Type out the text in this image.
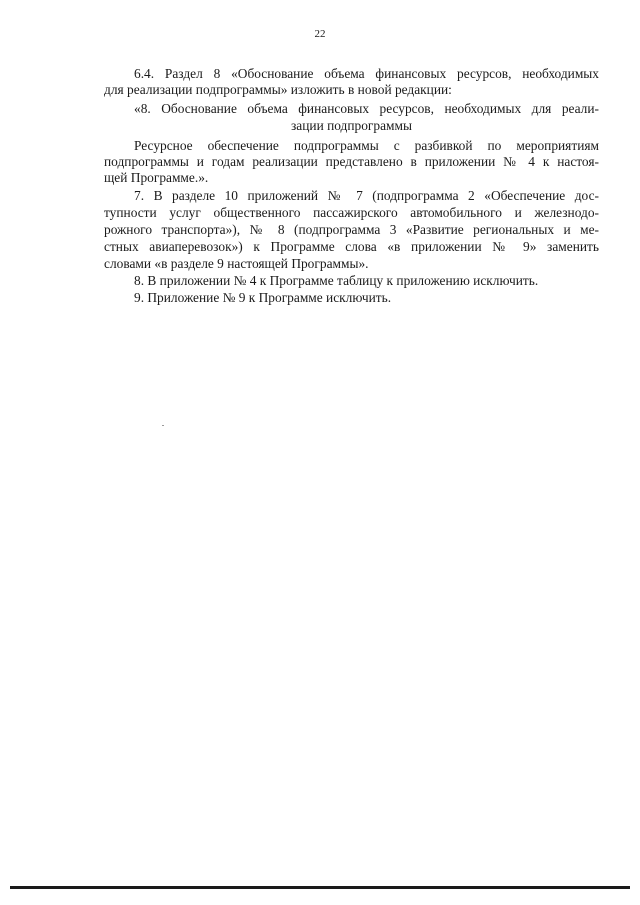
22
6.4. Раздел 8 «Обоснование объема финансовых ресурсов, необходимых
для реализации подпрограммы» изложить в новой редакции:
«8. Обоснование объема финансовых ресурсов, необходимых для реали-
зации подпрограммы
Ресурсное обеспечение подпрограммы с разбивкой по мероприятиям
подпрограммы и годам реализации представлено в приложении № 4 к настоя-
щей Программе.».
7. В разделе 10 приложений № 7 (подпрограмма 2 «Обеспечение дос-
тупности услуг общественного пассажирского автомобильного и железнодо-
рожного транспорта»), № 8 (подпрограмма 3 «Развитие региональных и ме-
стных авиаперевозок») к Программе слова «в приложении № 9» заменить
словами «в разделе 9 настоящей Программы».
8. В приложении № 4 к Программе таблицу к приложению исключить.
9. Приложение № 9 к Программе исключить.
